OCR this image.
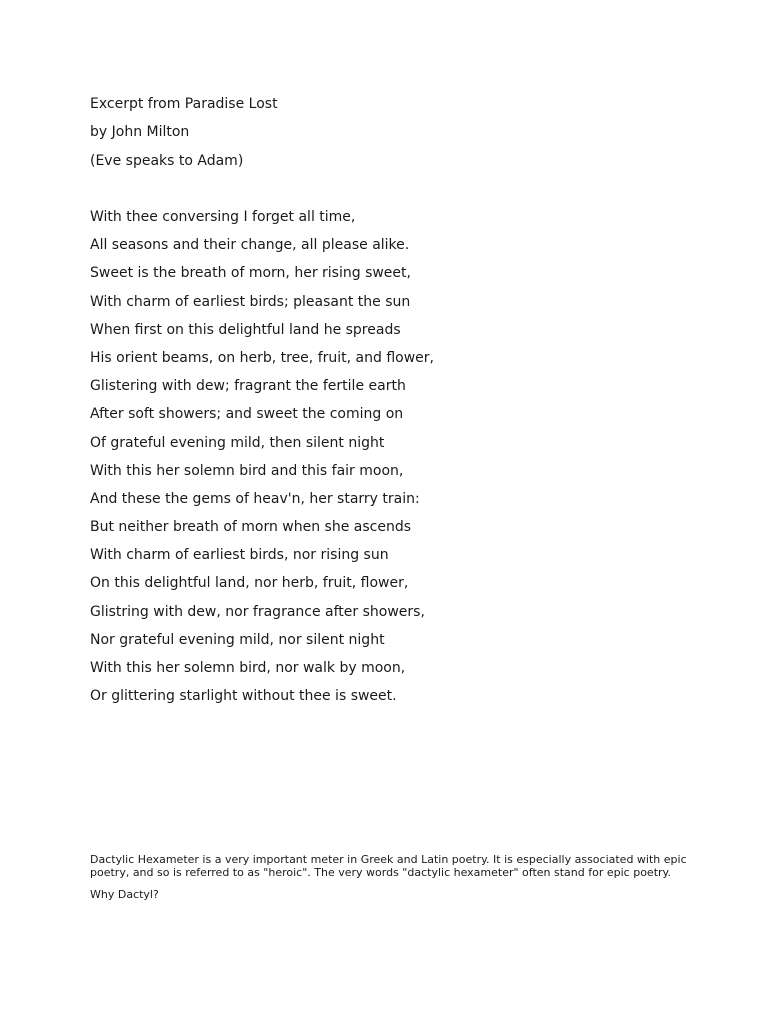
Excerpt from Paradise Lost
by John Milton
(Eve speaks to Adam)
With thee conversing I forget all time,
All seasons and their change, all please alike.
Sweet is the breath of morn, her rising sweet,
With charm of earliest birds; pleasant the sun
When first on this delightful land he spreads
His orient beams, on herb, tree, fruit, and flower,
Glistering with dew; fragrant the fertile earth
After soft showers; and sweet the coming on
Of grateful evening mild, then silent night
With this her solemn bird and this fair moon,
And these the gems of heav'n, her starry train:
But neither breath of morn when she ascends
With charm of earliest birds, nor rising sun
On this delightful land, nor herb, fruit, flower,
Glistring with dew, nor fragrance after showers,
Nor grateful evening mild, nor silent night
With this her solemn bird, nor walk by moon,
Or glittering starlight without thee is sweet.

Dactylic Hexameter is a very important meter in Greek and Latin poetry. It is especially associated with epic poetry, and so is referred to as "heroic". The very words "dactylic hexameter" often stand for epic poetry.

Why Dactyl?
